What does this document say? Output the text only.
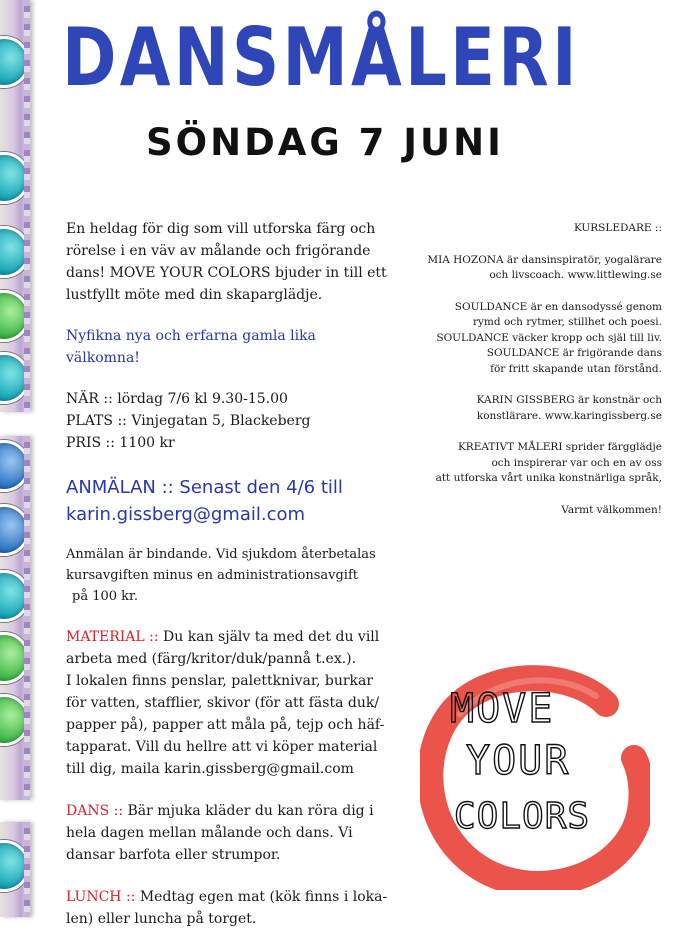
DANSMÅLERI
SÖNDAG 7 JUNI

En heldag för dig som vill utforska färg och
rörelse i en väv av målande och frigörande
dans! MOVE YOUR COLORS bjuder in till ett
lustfyllt möte med din skaparglädje.

Nyfikna nya och erfarna gamla lika välkomna!

NÄR :: lördag 7/6 kl 9.30-15.00
PLATS :: Vinjegatan 5, Blackeberg
PRIS :: 1100 kr

ANMÄLAN :: Senast den 4/6 till
karin.gissberg@gmail.com

Anmälan är bindande. Vid sjukdom återbetalas
kursavgiften minus en administrationsavgift
på 100 kr.

MATERIAL :: Du kan själv ta med det du vill
arbeta med (färg/kritor/duk/pannå t.ex.).
I lokalen finns penslar, palettknivar, burkar
för vatten, stafflier, skivor (för att fästa duk/
papper på), papper att måla på, tejp och häf-
tapparat. Vill du hellre att vi köper material
till dig, maila karin.gissberg@gmail.com

DANS :: Bär mjuka kläder du kan röra dig i
hela dagen mellan målande och dans. Vi
dansar barfota eller strumpor.

LUNCH :: Medtag egen mat (kök finns i loka-
len) eller luncha på torget.

KURSLEDARE ::

MIA HOZONA är dansinspiratör, yogalärare
och livscoach. www.littlewing.se

SOULDANCE är en dansodyssé genom
rymd och rytmer, stillhet och poesi.
SOULDANCE väcker kropp och själ till liv.
SOULDANCE är frigörande dans
för fritt skapande utan förstånd.

KARIN GISSBERG är konstnär och
konstlärare. www.karingissberg.se

KREATIVT MÅLERI sprider färgglädje
och inspirerar var och en av oss
att utforska vårt unika konstnärliga språk,

Varmt välkommen!

MOVE
YOUR
COLORS
